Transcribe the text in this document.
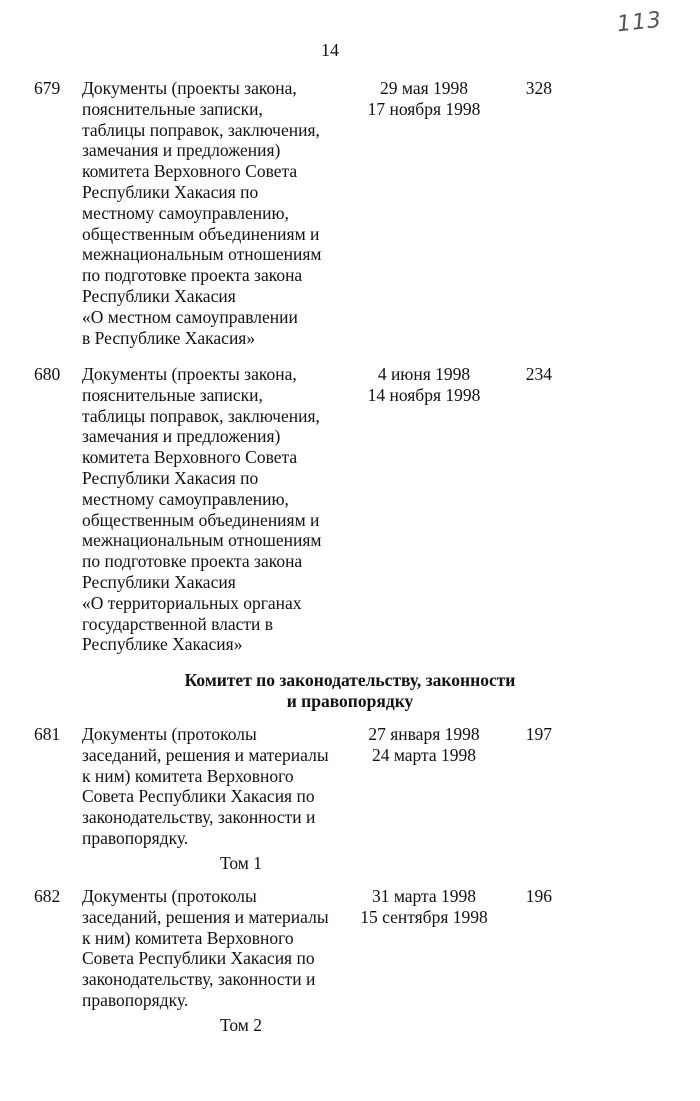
113
14
679 Документы (проекты закона,
пояснительные записки,
таблицы поправок, заключения,
замечания и предложения)
комитета Верховного Совета
Республики Хакасия по
местному самоуправлению,
общественным объединениям и
межнациональным отношениям
по подготовке проекта закона
Республики Хакасия
«О местном самоуправлении
в Республике Хакасия»
29 мая 1998
17 ноября 1998
328
680 Документы (проекты закона,
пояснительные записки,
таблицы поправок, заключения,
замечания и предложения)
комитета Верховного Совета
Республики Хакасия по
местному самоуправлению,
общественным объединениям и
межнациональным отношениям
по подготовке проекта закона
Республики Хакасия
«О территориальных органах
государственной власти в
Республике Хакасия»
4 июня 1998
14 ноября 1998
234
Комитет по законодательству, законности
и правопорядку
681 Документы (протоколы
заседаний, решения и материалы
к ним) комитета Верховного
Совета Республики Хакасия по
законодательству, законности и
правопорядку.
Том 1
27 января 1998
24 марта 1998
197
682 Документы (протоколы
заседаний, решения и материалы
к ним) комитета Верховного
Совета Республики Хакасия по
законодательству, законности и
правопорядку.
Том 2
31 марта 1998
15 сентября 1998
196
